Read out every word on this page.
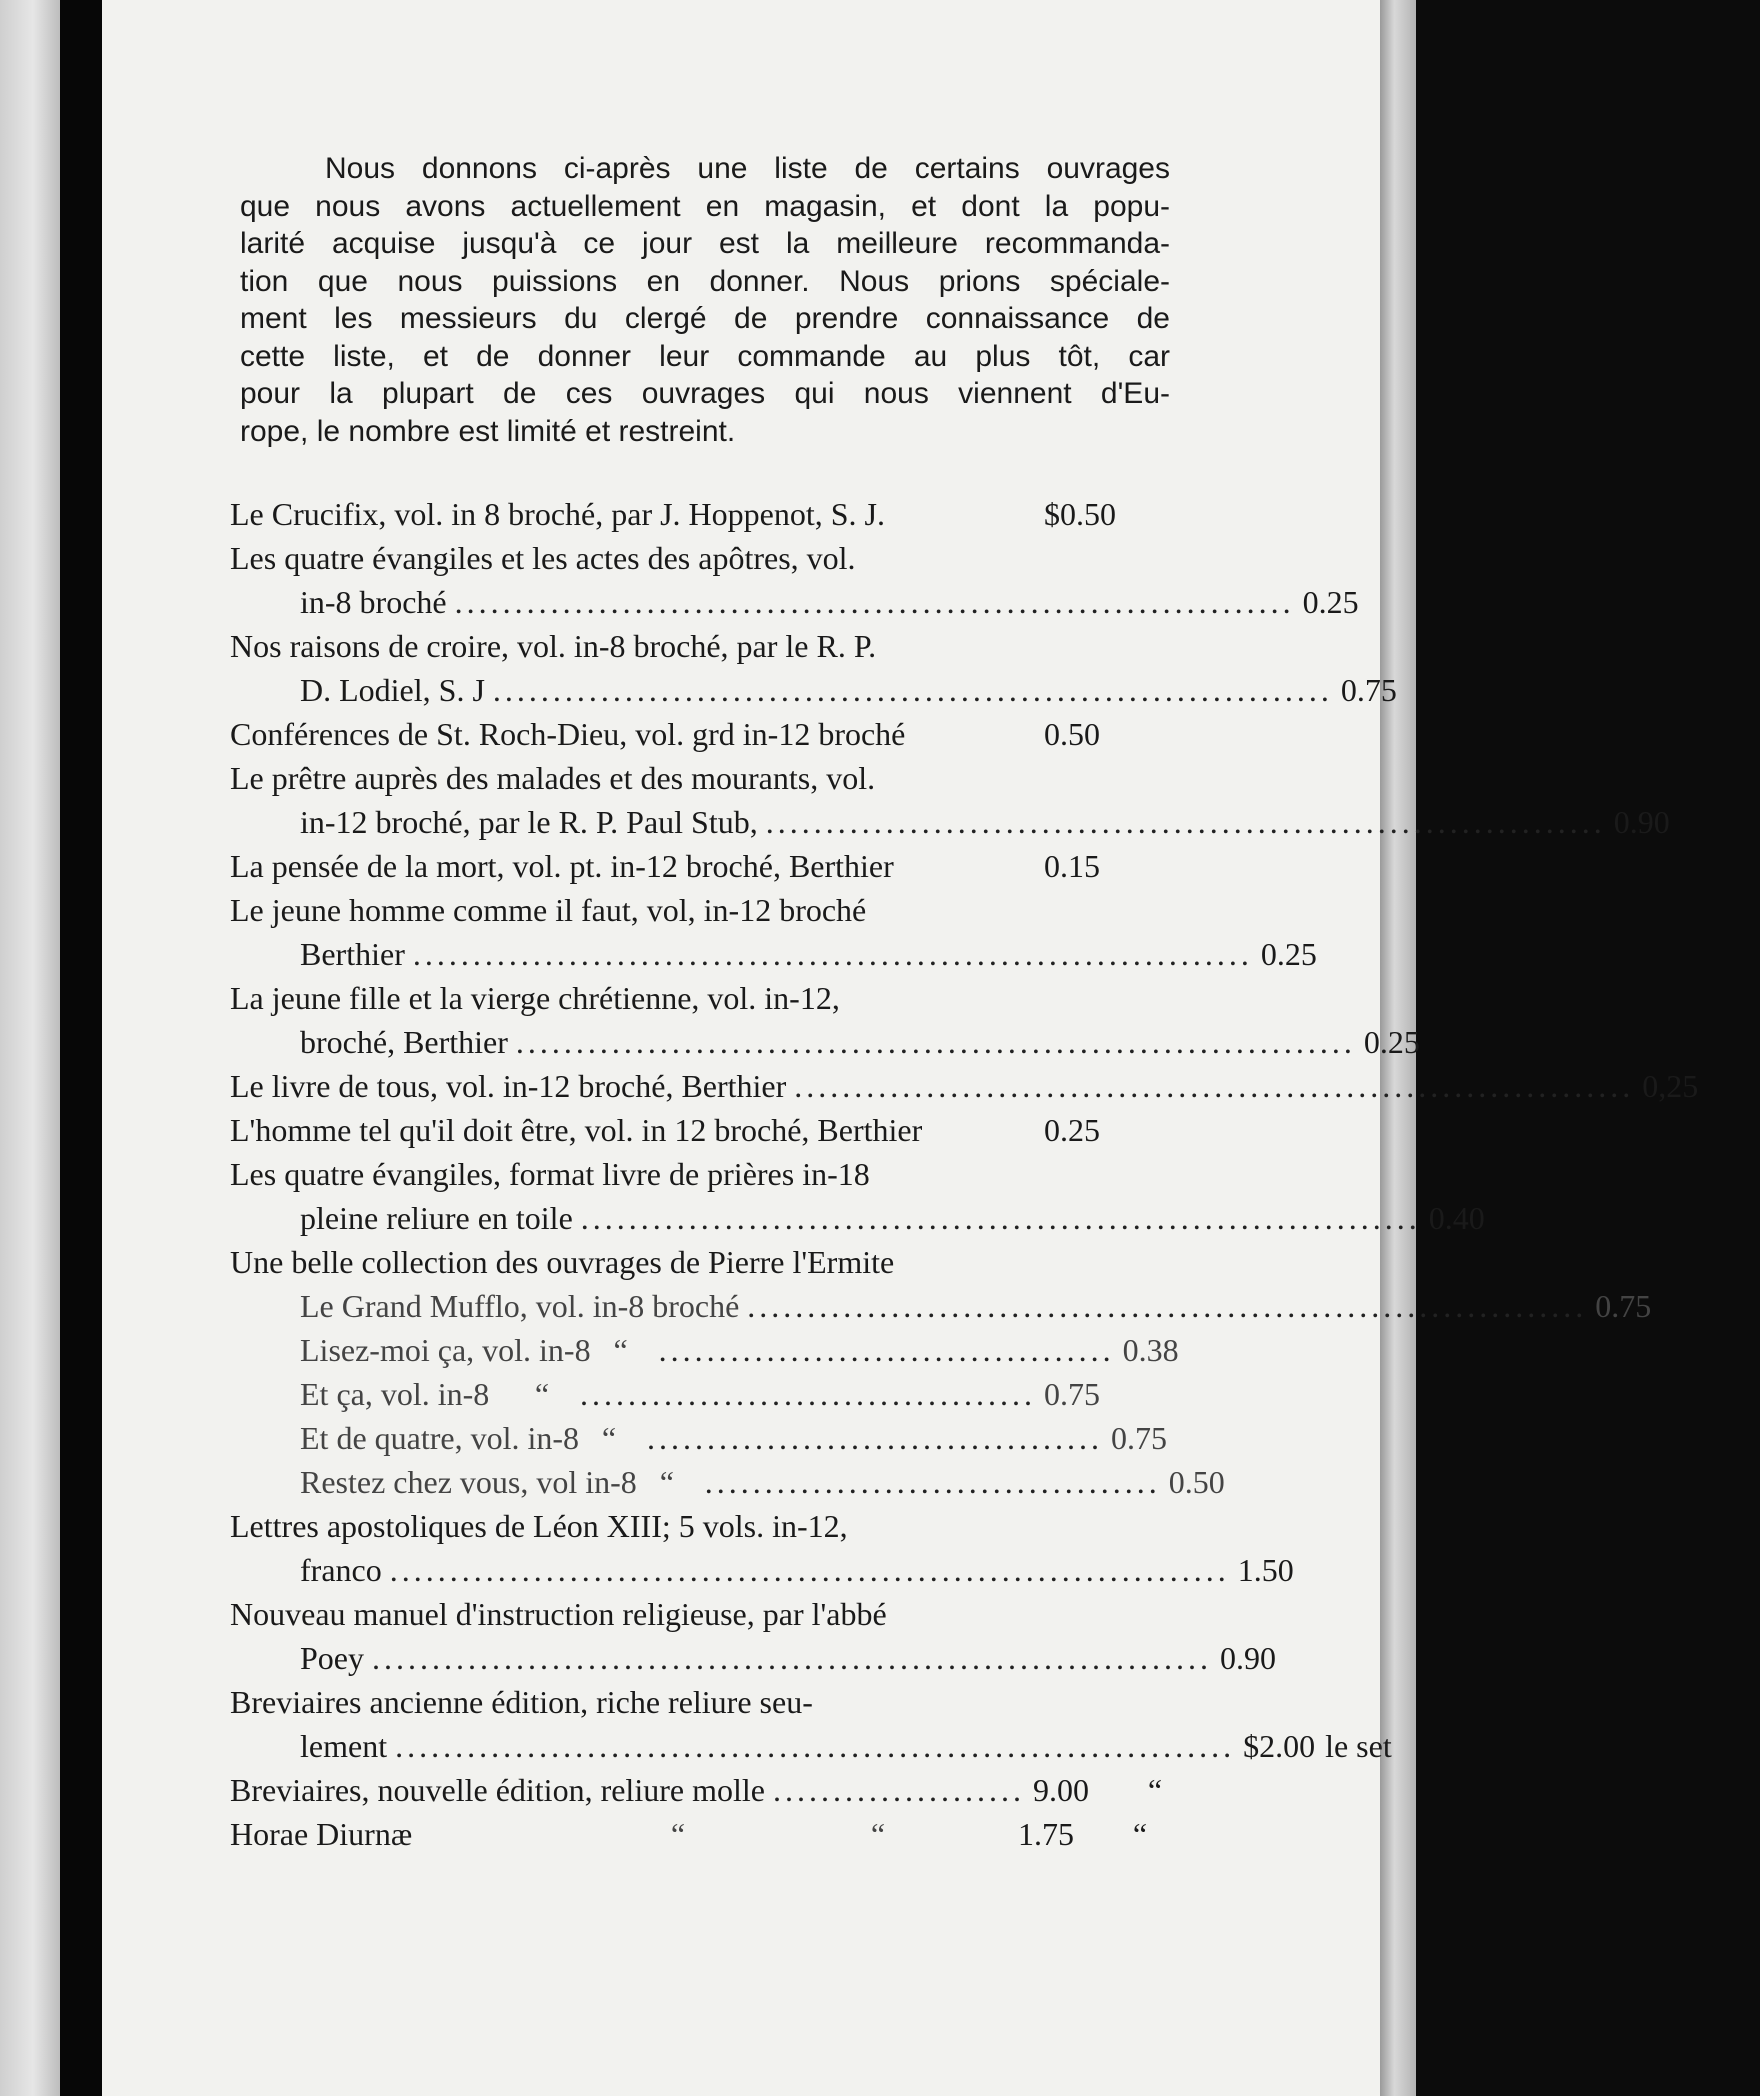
Nous donnons ci-après une liste de certains ouvrages
que nous avons actuellement en magasin, et dont la popu-
larité acquise jusqu'à ce jour est la meilleure recommanda-
tion que nous puissions en donner. Nous prions spéciale-
ment les messieurs du clergé de prendre connaissance de
cette liste, et de donner leur commande au plus tôt, car
pour la plupart de ces ouvrages qui nous viennent d'Eu-
rope, le nombre est limité et restreint.
Le Crucifix, vol. in 8 broché, par J. Hoppenot, S. J.	$0.50
Les quatre évangiles et les actes des apôtres, vol.
in-8 broché ...................................................................... 0.25
Nos raisons de croire, vol. in-8 broché, par le R. P.
D. Lodiel, S. J ...................................................................... 0.75
Conférences de St. Roch-Dieu, vol. grd in-12 broché	0.50
Le prêtre auprès des malades et des mourants, vol.
in-12 broché, par le R. P. Paul Stub, ...................................................................... 0.90
La pensée de la mort, vol. pt. in-12 broché, Berthier	0.15
Le jeune homme comme il faut, vol, in-12 broché
Berthier ...................................................................... 0.25
La jeune fille et la vierge chrétienne, vol. in-12,
broché, Berthier ...................................................................... 0.25
Le livre de tous, vol. in-12 broché, Berthier ...................................................................... 0,25
L'homme tel qu'il doit être, vol. in 12 broché, Berthier	0.25
Les quatre évangiles, format livre de prières in-18
pleine reliure en toile ...................................................................... 0.40
Une belle collection des ouvrages de Pierre l'Ermite
Le Grand Mufflo, vol. in-8 broché ...................................................................... 0.75
Lisez-moi ça, vol. in-8 “ ...................................... 0.38
Et ça, vol. in-8	“ ...................................... 0.75
Et de quatre, vol. in-8 “ ...................................... 0.75
Restez chez vous, vol in-8 “ ...................................... 0.50
Lettres apostoliques de Léon XIII; 5 vols. in-12,
franco ...................................................................... 1.50
Nouveau manuel d'instruction religieuse, par l'abbé
Poey ...................................................................... 0.90
Breviaires ancienne édition, riche reliure seu-
lement ...................................................................... $2.00 le set
Breviaires, nouvelle édition, reliure molle ..................... 9.00	“
Horae Diurnæ	“	“	1.75	“
